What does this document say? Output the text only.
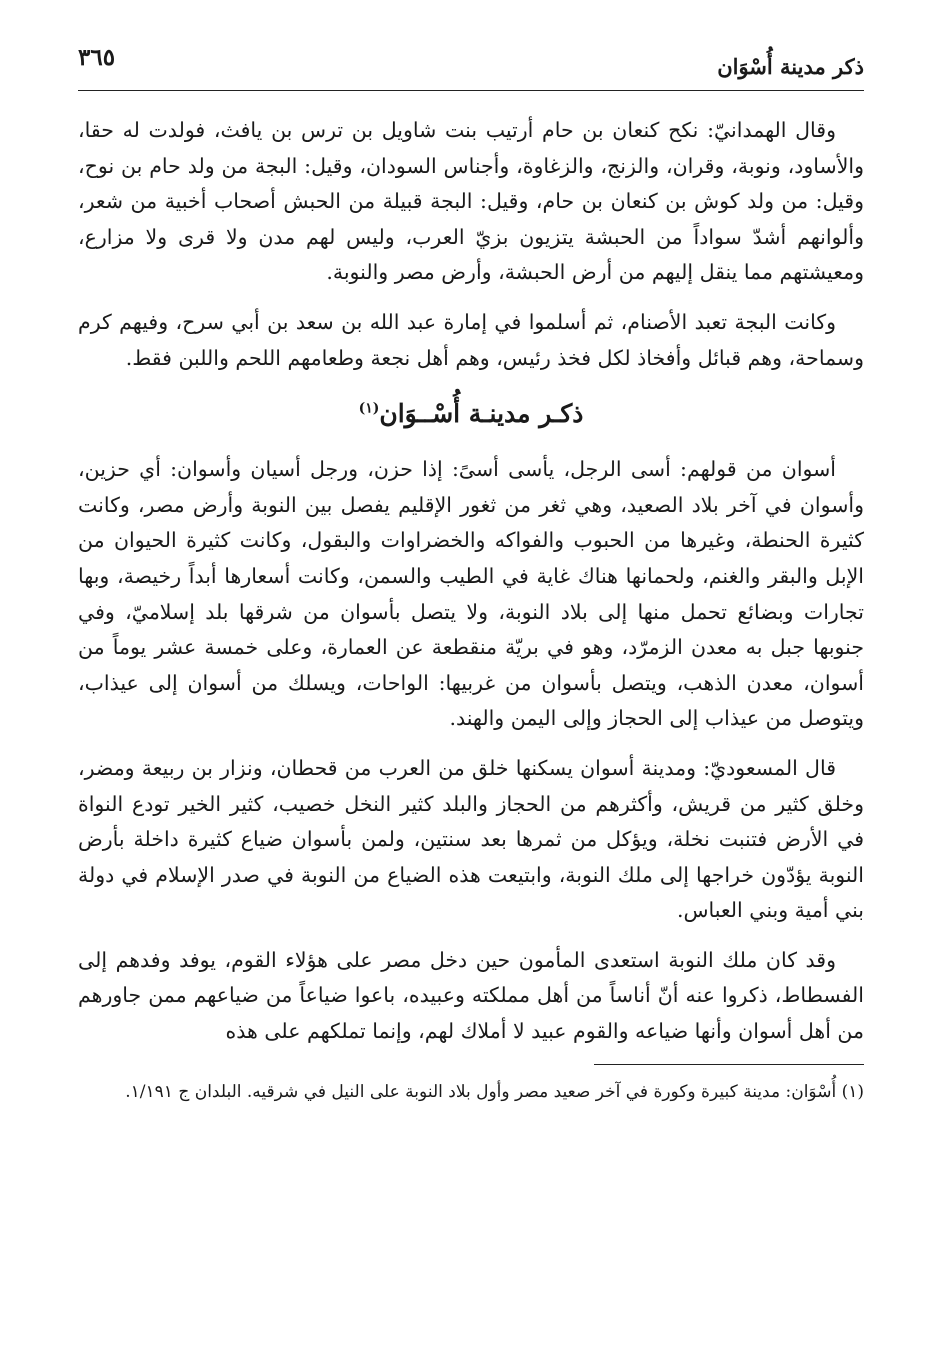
ذكر مدينة أُسْوَان
٣٦٥

وقال الهمدانيّ: نكح كنعان بن حام أرتيب بنت شاويل بن ترس بن يافث، فولدت له حقا، والأساود، ونوبة، وقران، والزنج، والزغاوة، وأجناس السودان، وقيل: البجة من ولد حام بن نوح، وقيل: من ولد كوش بن كنعان بن حام، وقيل: البجة قبيلة من الحبش أصحاب أخبية من شعر، وألوانهم أشدّ سواداً من الحبشة يتزيون بزيّ العرب، وليس لهم مدن ولا قرى ولا مزارع، ومعيشتهم مما ينقل إليهم من أرض الحبشة، وأرض مصر والنوبة.

وكانت البجة تعبد الأصنام، ثم أسلموا في إمارة عبد الله بن سعد بن أبي سرح، وفيهم كرم وسماحة، وهم قبائل وأفخاذ لكل فخذ رئيس، وهم أهل نجعة وطعامهم اللحم واللبن فقط.

ذكـر مدينـة أُسْــوَان$^{(١)}$

أسوان من قولهم: أسى الرجل، يأسى أسىً: إذا حزن، ورجل أسيان وأسوان: أي حزين، وأسوان في آخر بلاد الصعيد، وهي ثغر من ثغور الإقليم يفصل بين النوبة وأرض مصر، وكانت كثيرة الحنطة، وغيرها من الحبوب والفواكه والخضراوات والبقول، وكانت كثيرة الحيوان من الإبل والبقر والغنم، ولحمانها هناك غاية في الطيب والسمن، وكانت أسعارها أبداً رخيصة، وبها تجارات وبضائع تحمل منها إلى بلاد النوبة، ولا يتصل بأسوان من شرقها بلد إسلاميّ، وفي جنوبها جبل به معدن الزمرّد، وهو في بريّة منقطعة عن العمارة، وعلى خمسة عشر يوماً من أسوان، معدن الذهب، ويتصل بأسوان من غربيها: الواحات، ويسلك من أسوان إلى عيذاب، ويتوصل من عيذاب إلى الحجاز وإلى اليمن والهند.

قال المسعوديّ: ومدينة أسوان يسكنها خلق من العرب من قحطان، ونزار بن ربيعة ومضر، وخلق كثير من قريش، وأكثرهم من الحجاز والبلد كثير النخل خصيب، كثير الخير تودع النواة في الأرض فتنبت نخلة، ويؤكل من ثمرها بعد سنتين، ولمن بأسوان ضياع كثيرة داخلة بأرض النوبة يؤدّون خراجها إلى ملك النوبة، وابتيعت هذه الضياع من النوبة في صدر الإسلام في دولة بني أمية وبني العباس.

وقد كان ملك النوبة استعدى المأمون حين دخل مصر على هؤلاء القوم، يوفد وفدهم إلى الفسطاط، ذكروا عنه أنّ أناساً من أهل مملكته وعبيده، باعوا ضياعاً من ضياعهم ممن جاورهم من أهل أسوان وأنها ضياعه والقوم عبيد لا أملاك لهم، وإنما تملكهم على هذه

(١) أُسْوَان: مدينة كبيرة وكورة في آخر صعيد مصر وأول بلاد النوبة على النيل في شرقيه. البلدان ج ١/١٩١.
